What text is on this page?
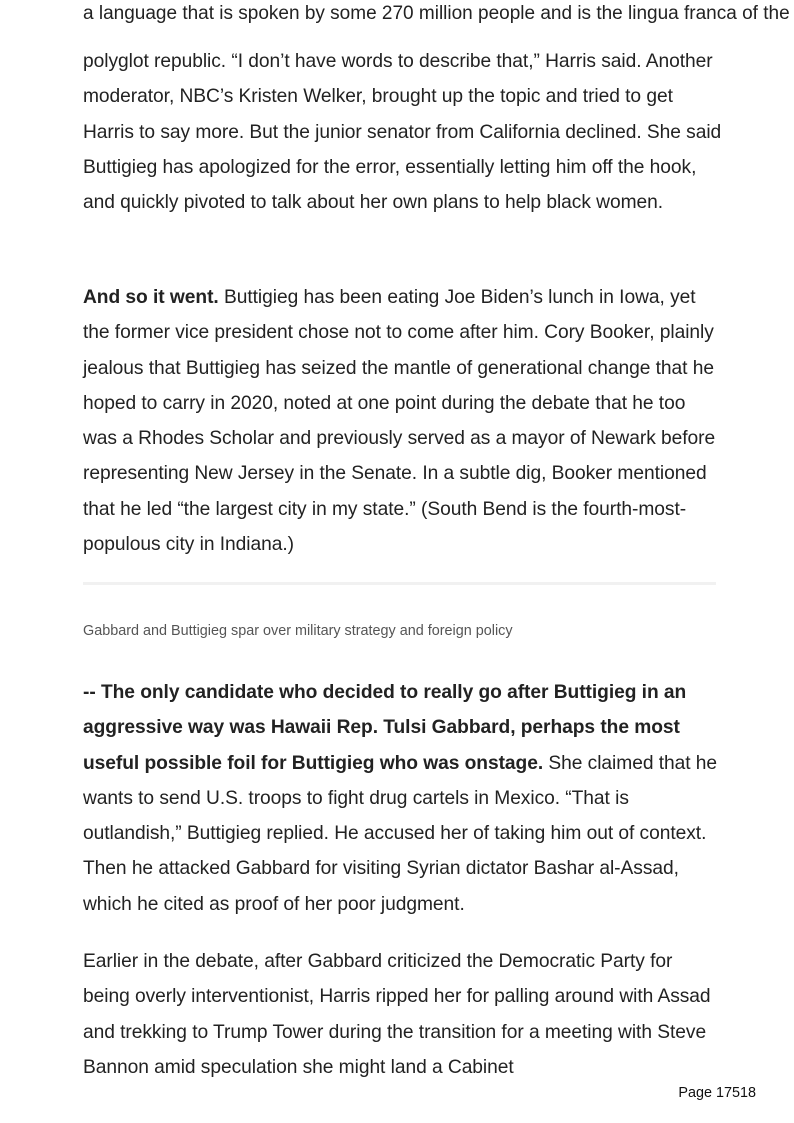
a language that is spoken by some 270 million people and is the lingua franca of the

polyglot republic. “I don’t have words to describe that,” Harris said. Another moderator, NBC’s Kristen Welker, brought up the topic and tried to get Harris to say more. But the junior senator from California declined. She said Buttigieg has apologized for the error, essentially letting him off the hook, and quickly pivoted to talk about her own plans to help black women.

And so it went. Buttigieg has been eating Joe Biden’s lunch in Iowa, yet the former vice president chose not to come after him. Cory Booker, plainly jealous that Buttigieg has seized the mantle of generational change that he hoped to carry in 2020, noted at one point during the debate that he too was a Rhodes Scholar and previously served as a mayor of Newark before representing New Jersey in the Senate. In a subtle dig, Booker mentioned that he led “the largest city in my state.” (South Bend is the fourth-most-populous city in Indiana.)

Gabbard and Buttigieg spar over military strategy and foreign policy

-- The only candidate who decided to really go after Buttigieg in an aggressive way was Hawaii Rep. Tulsi Gabbard, perhaps the most useful possible foil for Buttigieg who was onstage. She claimed that he wants to send U.S. troops to fight drug cartels in Mexico. “That is outlandish,” Buttigieg replied. He accused her of taking him out of context. Then he attacked Gabbard for visiting Syrian dictator Bashar al-Assad, which he cited as proof of her poor judgment.

Earlier in the debate, after Gabbard criticized the Democratic Party for being overly interventionist, Harris ripped her for palling around with Assad and trekking to Trump Tower during the transition for a meeting with Steve Bannon amid speculation she might land a Cabinet

Page 17518
